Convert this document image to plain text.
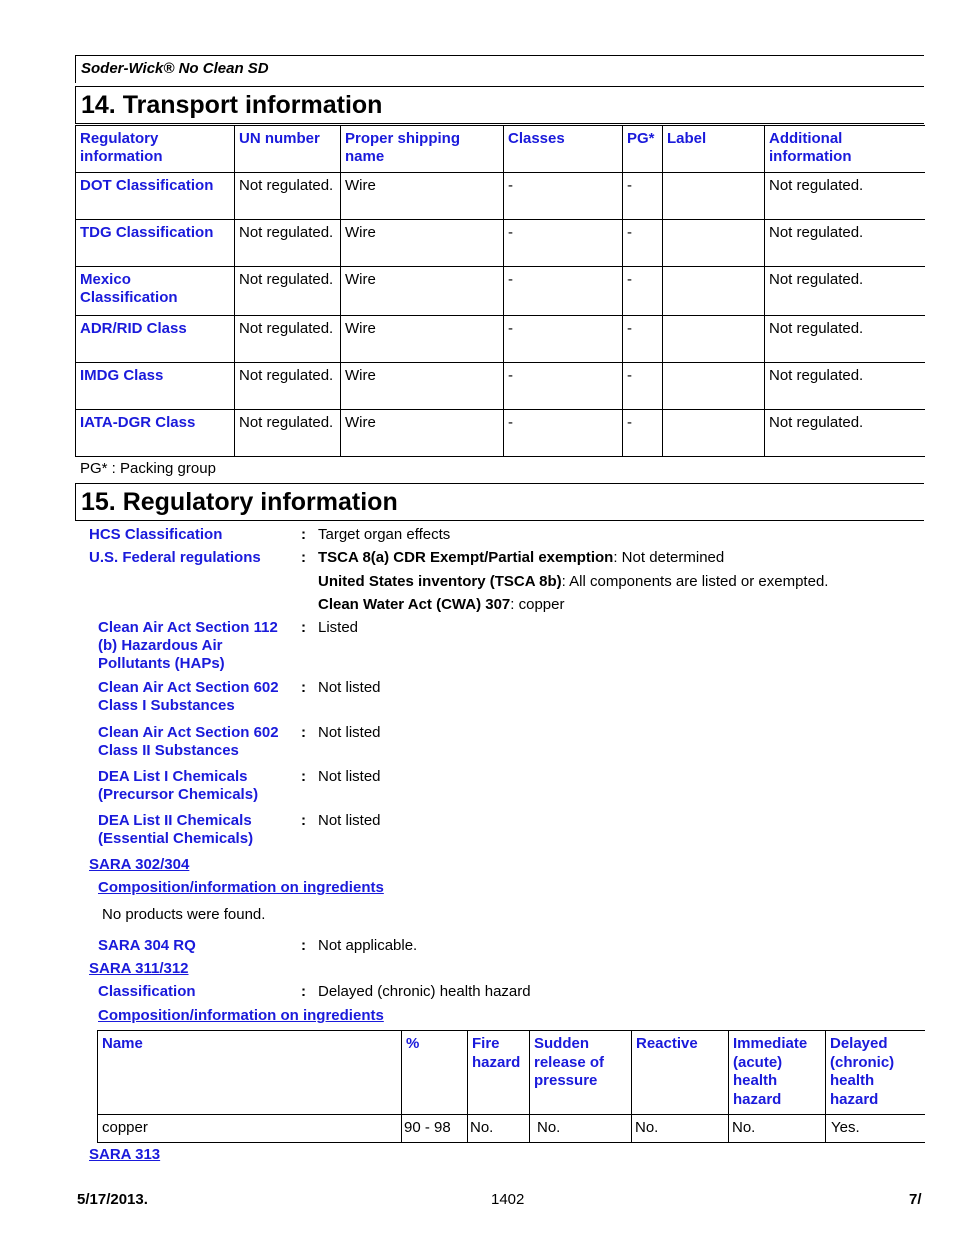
Soder-Wick® No Clean SD
14. Transport information
Regulatory information	UN number	Proper shipping name	Classes	PG*	Label	Additional information
DOT Classification	Not regulated.	Wire	-	-		Not regulated.
TDG Classification	Not regulated.	Wire	-	-		Not regulated.
Mexico Classification	Not regulated.	Wire	-	-		Not regulated.
ADR/RID Class	Not regulated.	Wire	-	-		Not regulated.
IMDG Class	Not regulated.	Wire	-	-		Not regulated.
IATA-DGR Class	Not regulated.	Wire	-	-		Not regulated.
PG* : Packing group
15. Regulatory information
HCS Classification	: Target organ effects
U.S. Federal regulations	: TSCA 8(a) CDR Exempt/Partial exemption: Not determined
United States inventory (TSCA 8b): All components are listed or exempted.
Clean Water Act (CWA) 307: copper
Clean Air Act Section 112 (b) Hazardous Air Pollutants (HAPs)
: Listed
Clean Air Act Section 602 Class I Substances
: Not listed
Clean Air Act Section 602 Class II Substances
: Not listed
DEA List I Chemicals (Precursor Chemicals)
: Not listed
DEA List II Chemicals (Essential Chemicals)
: Not listed
SARA 302/304
Composition/information on ingredients
No products were found.
SARA 304 RQ	: Not applicable.
SARA 311/312
Classification	: Delayed (chronic) health hazard
Composition/information on ingredients
Name	%	Fire hazard	Sudden release of pressure	Reactive	Immediate (acute) health hazard	Delayed (chronic) health hazard
copper	90 - 98	No.	No.	No.	No.	Yes.
SARA 313
5/17/2013.	1402	7/
